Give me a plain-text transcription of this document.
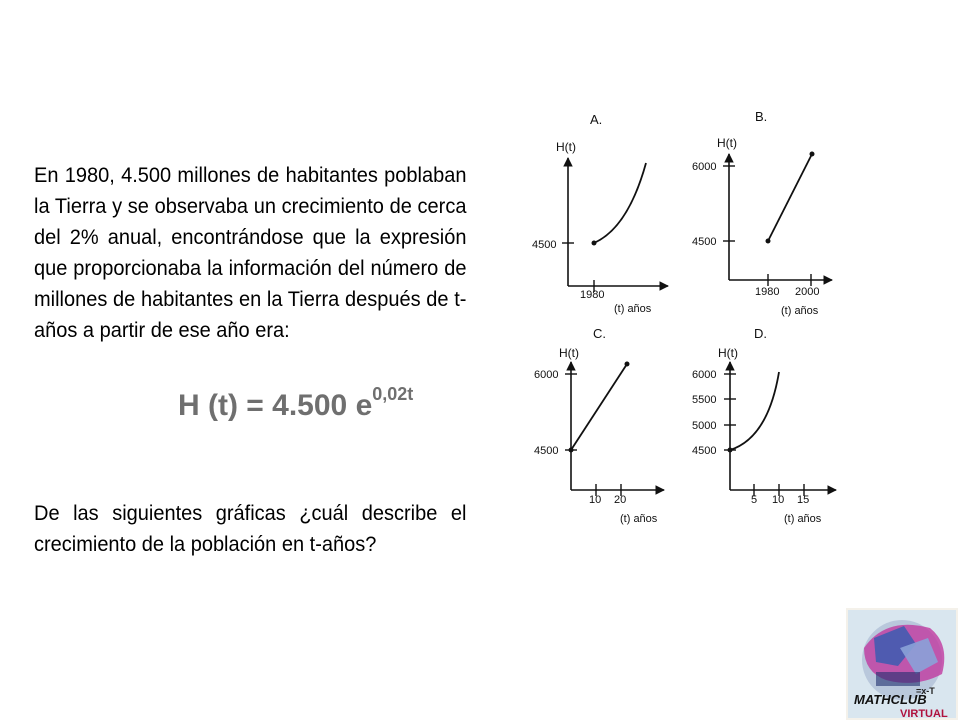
En 1980, 4.500 millones de habitantes poblaban la Tierra y se observaba un crecimiento de cerca del 2% anual, encontrándose que la expresión que proporcionaba la información del número de millones de habitantes en la Tierra después de t-años a partir de ese año era:
H (t) = 4.500 $e^{0,02t}$
De las siguientes gráficas ¿cuál describe el crecimiento de la población en t-años?
A.
H(t)
4500
1980
(t) años
B.
H(t)
6000
4500
1980 2000
(t) años
C.
H(t)
6000
4500
10 20
(t) años
D.
H(t)
6000
5500
5000
4500
5 10 15
(t) años
=x-T
MATHCLUB
VIRTUAL
